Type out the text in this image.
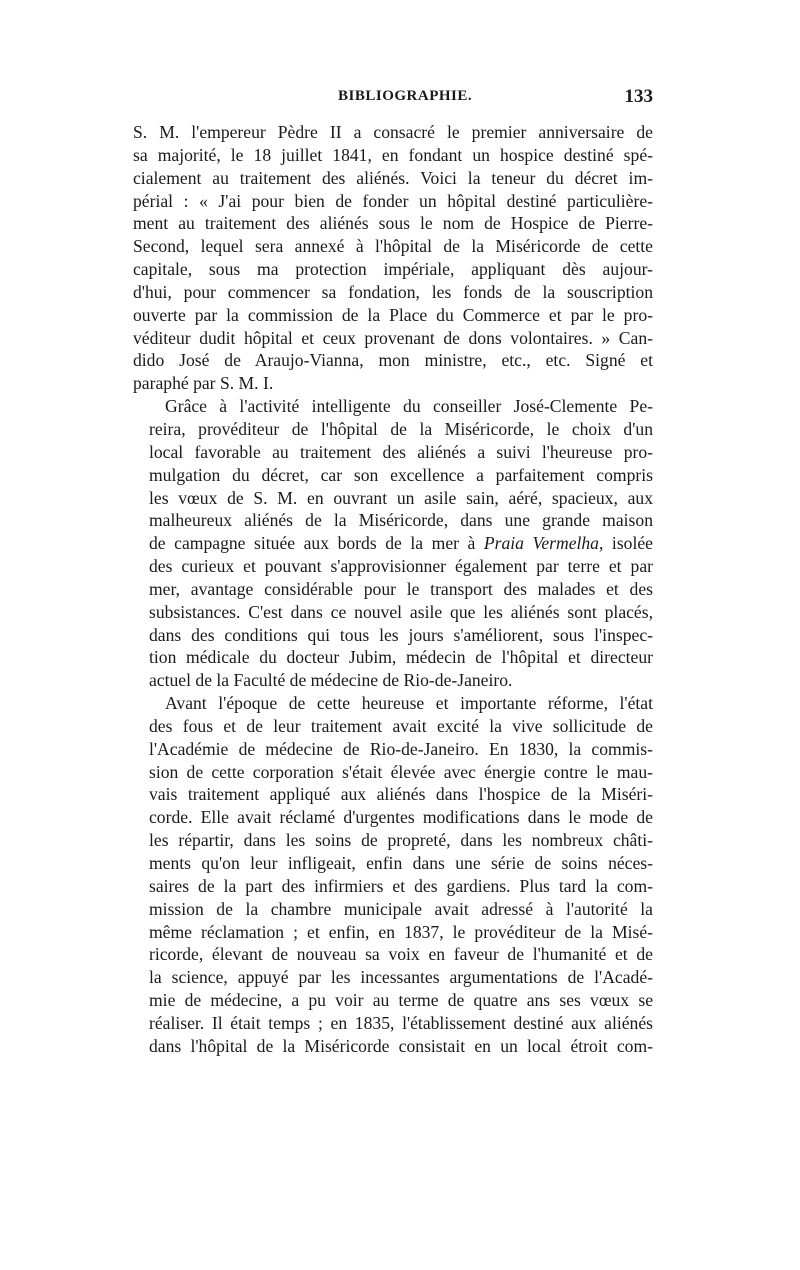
BIBLIOGRAPHIE.	133
S. M. l'empereur Pèdre II a consacré le premier anniversaire de
sa majorité, le 18 juillet 1841, en fondant un hospice destiné spé-
cialement au traitement des aliénés. Voici la teneur du décret im-
périal : « J'ai pour bien de fonder un hôpital destiné particulière-
ment au traitement des aliénés sous le nom de Hospice de Pierre-
Second, lequel sera annexé à l'hôpital de la Miséricorde de cette
capitale, sous ma protection impériale, appliquant dès aujour-
d'hui, pour commencer sa fondation, les fonds de la souscription
ouverte par la commission de la Place du Commerce et par le pro-
véditeur dudit hôpital et ceux provenant de dons volontaires. » Can-
dido José de Araujo-Vianna, mon ministre, etc., etc. Signé et
paraphé par S. M. I.
Grâce à l'activité intelligente du conseiller José-Clemente Pe-
reira, provéditeur de l'hôpital de la Miséricorde, le choix d'un
local favorable au traitement des aliénés a suivi l'heureuse pro-
mulgation du décret, car son excellence a parfaitement compris
les vœux de S. M. en ouvrant un asile sain, aéré, spacieux, aux
malheureux aliénés de la Miséricorde, dans une grande maison
de campagne située aux bords de la mer à Praia Vermelha, isolée
des curieux et pouvant s'approvisionner également par terre et par
mer, avantage considérable pour le transport des malades et des
subsistances. C'est dans ce nouvel asile que les aliénés sont placés,
dans des conditions qui tous les jours s'améliorent, sous l'inspec-
tion médicale du docteur Jubim, médecin de l'hôpital et directeur
actuel de la Faculté de médecine de Rio-de-Janeiro.
Avant l'époque de cette heureuse et importante réforme, l'état
des fous et de leur traitement avait excité la vive sollicitude de
l'Académie de médecine de Rio-de-Janeiro. En 1830, la commis-
sion de cette corporation s'était élevée avec énergie contre le mau-
vais traitement appliqué aux aliénés dans l'hospice de la Miséri-
corde. Elle avait réclamé d'urgentes modifications dans le mode de
les répartir, dans les soins de propreté, dans les nombreux châti-
ments qu'on leur infligeait, enfin dans une série de soins néces-
saires de la part des infirmiers et des gardiens. Plus tard la com-
mission de la chambre municipale avait adressé à l'autorité la
même réclamation ; et enfin, en 1837, le provéditeur de la Misé-
ricorde, élevant de nouveau sa voix en faveur de l'humanité et de
la science, appuyé par les incessantes argumentations de l'Acadé-
mie de médecine, a pu voir au terme de quatre ans ses vœux se
réaliser. Il était temps ; en 1835, l'établissement destiné aux aliénés
dans l'hôpital de la Miséricorde consistait en un local étroit com-
